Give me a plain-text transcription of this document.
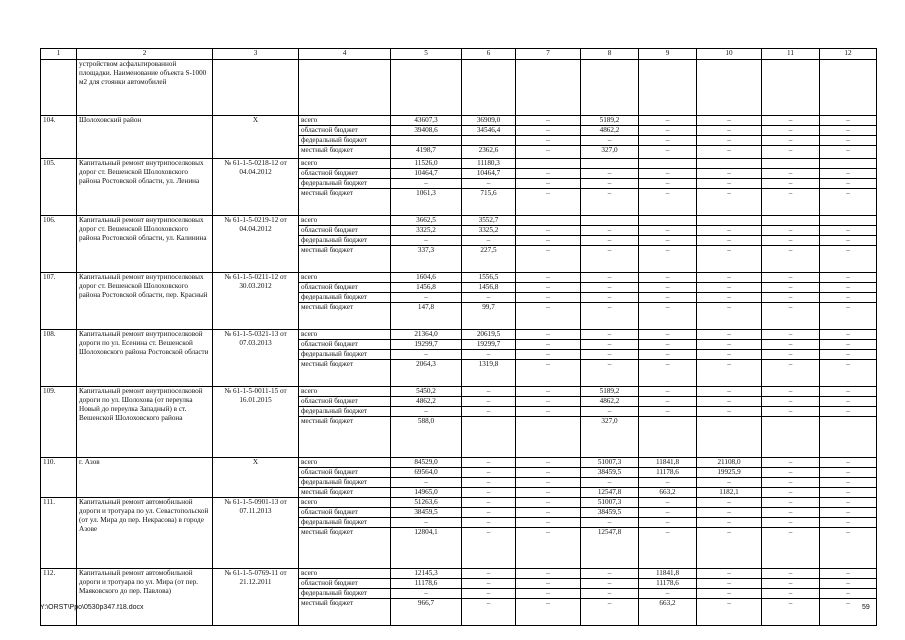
1	2	3	4	5	6	7	8	9	10	11	12
	устройством асфальтированной площадки. Наименование объекта S-1000 м2 для стоянки автомобилей										
104.	Шолоховский район	X	всего	43607,3	36909,0	–	5189,2	–	–	–	–
			областной бюджет	39408,6	34546,4	–	4862,2	–	–	–	–
			федеральный бюджет			–	–	–	–	–	–
			местный бюджет	4198,7	2362,6	–	327,0	–	–	–	–
105.	Капитальный ремонт внутрипоселковых дорог ст. Вешенской Шолоховского района Ростовской области, ул. Ленина	№ 61-1-5-0218-12 от 04.04.2012	всего	11526,0	11180,3						
			областной бюджет	10464,7	10464,7	–	–	–	–	–	–
			федеральный бюджет	–	–	–	–	–	–	–	–
			местный бюджет	1061,3	715,6	–	–	–	–	–	–
106.	Капитальный ремонт внутрипоселковых дорог ст. Вешенской Шолоховского района Ростовской области, ул. Калинина	№ 61-1-5-0219-12 от 04.04.2012	всего	3662,5	3552,7						
			областной бюджет	3325,2	3325,2	–	–	–	–	–	–
			федеральный бюджет	–	–	–	–	–	–	–	–
			местный бюджет	337,3	227,5	–	–	–	–	–	–
107.	Капитальный ремонт внутрипоселковых дорог ст. Вешенской Шолоховского района Ростовской области, пер. Красный	№ 61-1-5-0211-12 от 30.03.2012	всего	1604,6	1556,5	–	–	–	–	–	–
			областной бюджет	1456,8	1456,8	–	–	–	–	–	–
			федеральный бюджет	–	–	–	–	–	–	–	–
			местный бюджет	147,8	99,7	–	–	–	–	–	–
108.	Капитальный ремонт внутрипоселковой дороги по ул. Есенина ст. Вешенской Шолоховского района Ростовской области	№ 61-1-5-0321-13 от 07.03.2013	всего	21364,0	20619,5	–	–	–	–	–	–
			областной бюджет	19299,7	19299,7	–	–	–	–	–	–
			федеральный бюджет	–	–	–	–	–	–	–	–
			местный бюджет	2064,3	1319,8	–	–	–	–	–	–
109.	Капитальный ремонт внутрипоселковой дороги по ул. Шолохова (от переулка Новый до переулка Западный) в ст. Вешенской Шолоховского района	№ 61-1-5-0011-15 от 16.01.2015	всего	5450,2	–	–	5189,2	–	–	–	–
			областной бюджет	4862,2	–	–	4862,2	–	–	–	–
			федеральный бюджет	–	–	–	–	–	–	–	–
			местный бюджет	588,0			327,0				
110.	г. Азов	X	всего	84529,0	–	–	51007,3	11841,8	21108,0	–	–
			областной бюджет	69564,0	–	–	38459,5	11178,6	19925,9	–	–
			федеральный бюджет	–	–	–	–	–	–	–	–
			местный бюджет	14965,0	–	–	12547,8	663,2	1182,1	–	–
111.	Капитальный ремонт автомобильной дороги и тротуара по ул. Севастопольской (от ул. Мира до пер. Некрасова) в городе Азове	№ 61-1-5-0901-13 от 07.11.2013	всего	51263,6	–	–	51007,3	–	–	–	–
			областной бюджет	38459,5	–	–	38459,5	–	–	–	–
			федеральный бюджет	–	–	–	–	–	–	–	–
			местный бюджет	12804,1	–	–	12547,8	–	–	–	–
112.	Капитальный ремонт автомобильной дороги и тротуара по ул. Мира (от пер. Маяковского до пер. Павлова)	№ 61-1-5-0769-11 от 21.12.2011	всего	12145,3	–	–	–	11841,8	–	–	–
			областной бюджет	11178,6	–	–	–	11178,6	–	–	–
			федеральный бюджет	–	–	–	–	–	–	–	–
			местный бюджет	966,7	–	–	–	663,2	–	–	–
Y:\ORST\Ppo\0530p347.f18.docx	59
